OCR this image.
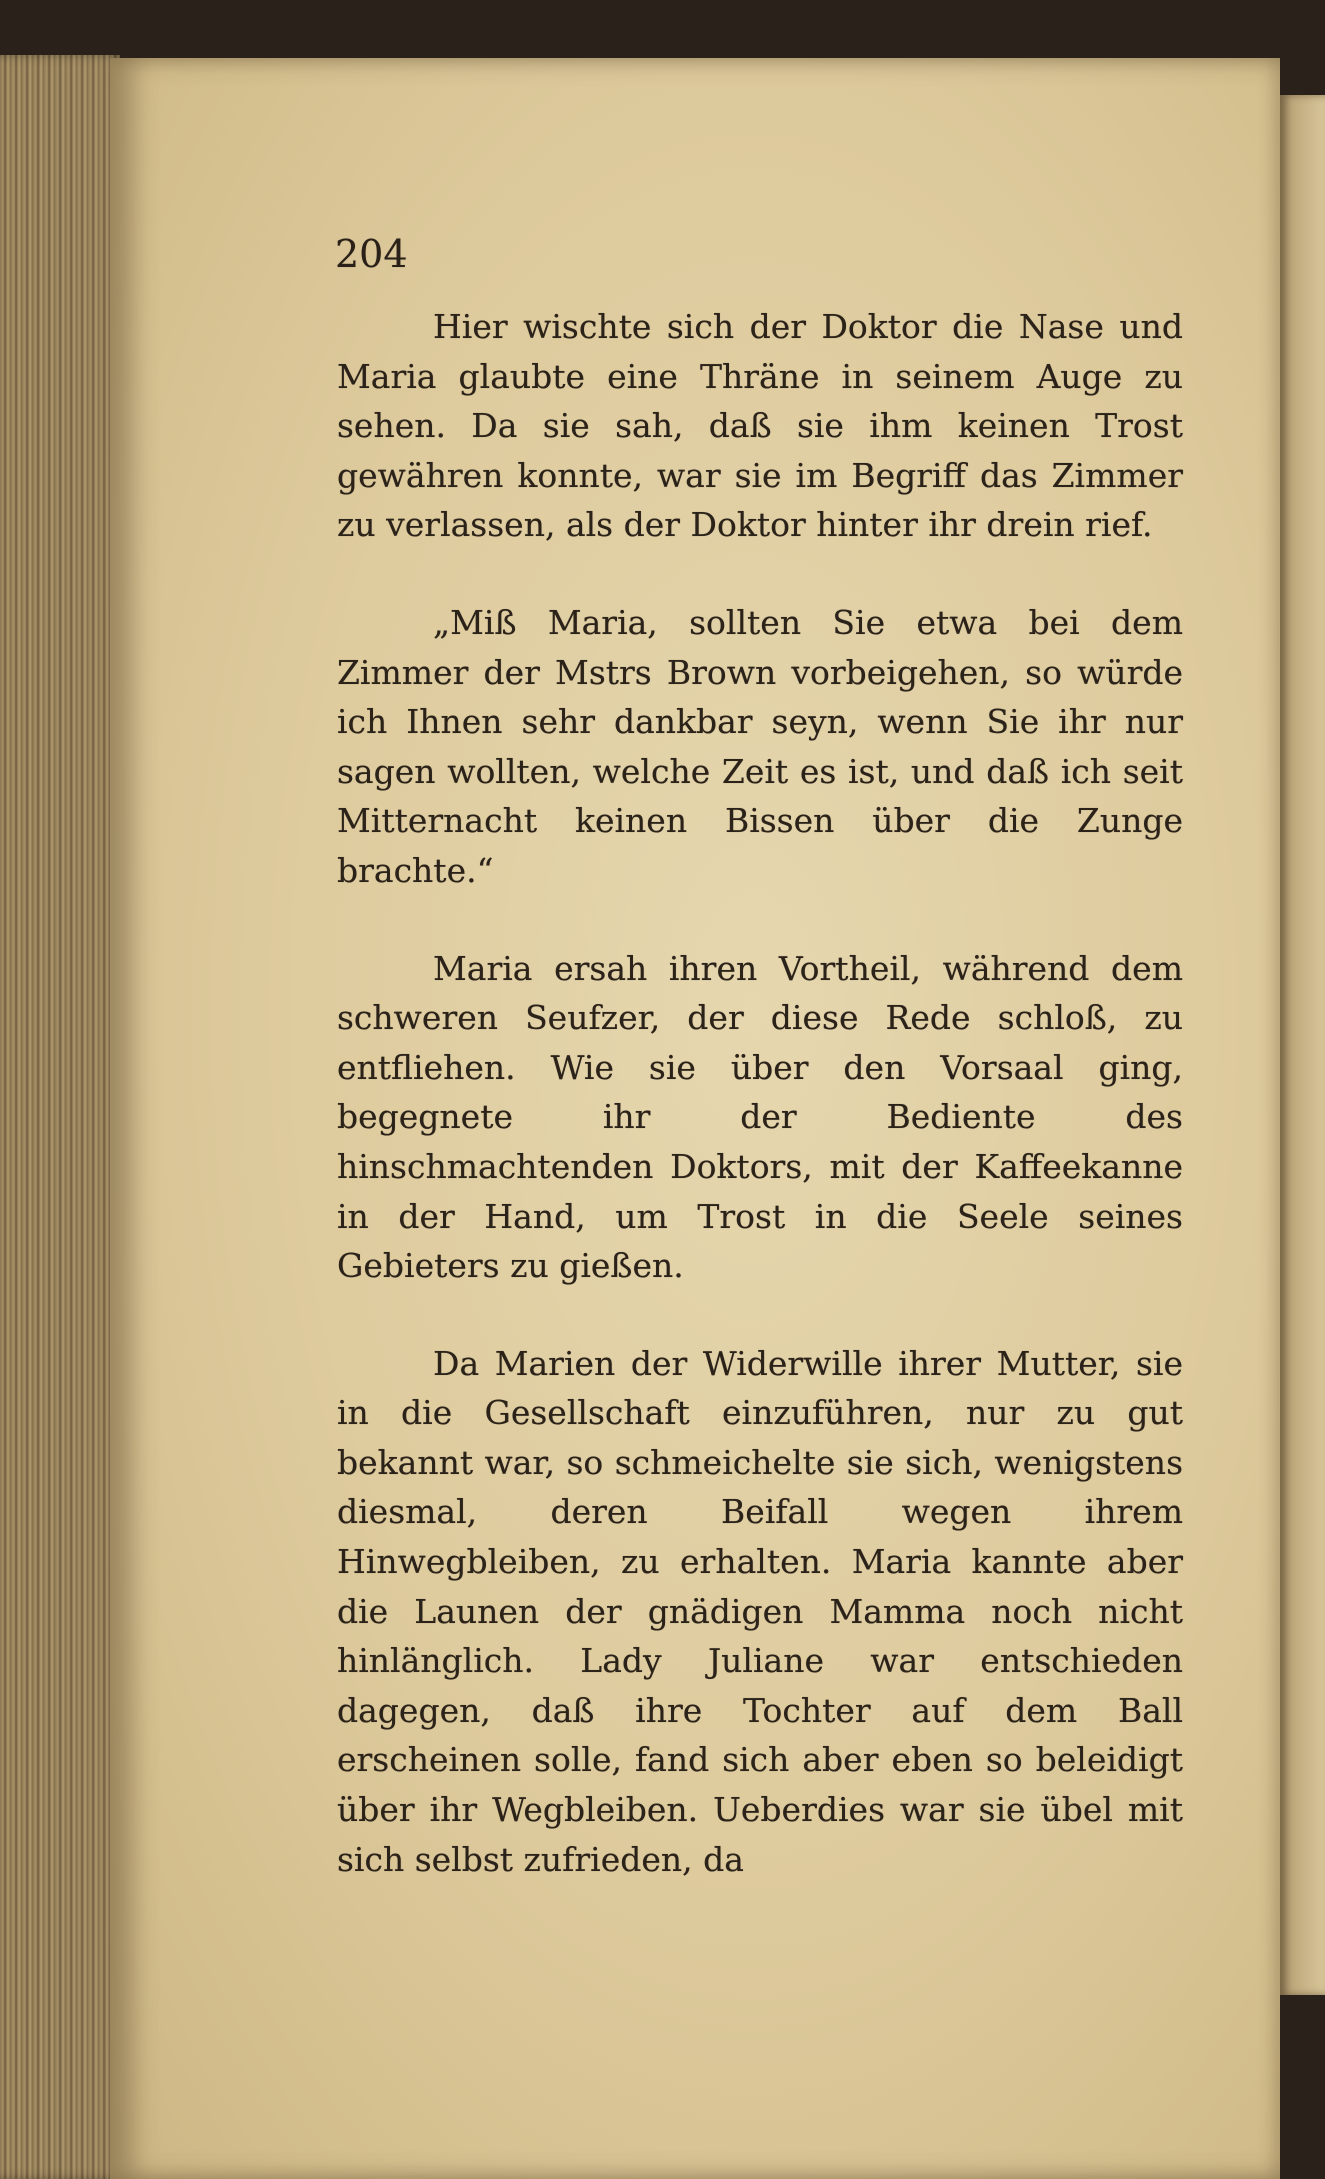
204

Hier wischte sich der Doktor die Nase und Maria glaubte eine Thräne in seinem Auge zu sehen. Da sie sah, daß sie ihm keinen Trost gewähren konnte, war sie im Begriff das Zimmer zu verlassen, als der Doktor hinter ihr drein rief.

„Miß Maria, sollten Sie etwa bei dem Zimmer der Mstrs Brown vorbeigehen, so würde ich Ihnen sehr dankbar seyn, wenn Sie ihr nur sagen wollten, welche Zeit es ist, und daß ich seit Mitternacht keinen Bissen über die Zunge brachte.“

Maria ersah ihren Vortheil, während dem schweren Seufzer, der diese Rede schloß, zu entfliehen. Wie sie über den Vorsaal ging, begegnete ihr der Bediente des hinschmachtenden Doktors, mit der Kaffeekanne in der Hand, um Trost in die Seele seines Gebieters zu gießen.

Da Marien der Widerwille ihrer Mutter, sie in die Gesellschaft einzuführen, nur zu gut bekannt war, so schmeichelte sie sich, wenigstens diesmal, deren Beifall wegen ihrem Hinwegbleiben, zu erhalten. Maria kannte aber die Launen der gnädigen Mamma noch nicht hinlänglich. Lady Juliane war entschieden dagegen, daß ihre Tochter auf dem Ball erscheinen solle, fand sich aber eben so beleidigt über ihr Wegbleiben. Ueberdies war sie übel mit sich selbst zufrieden, da
